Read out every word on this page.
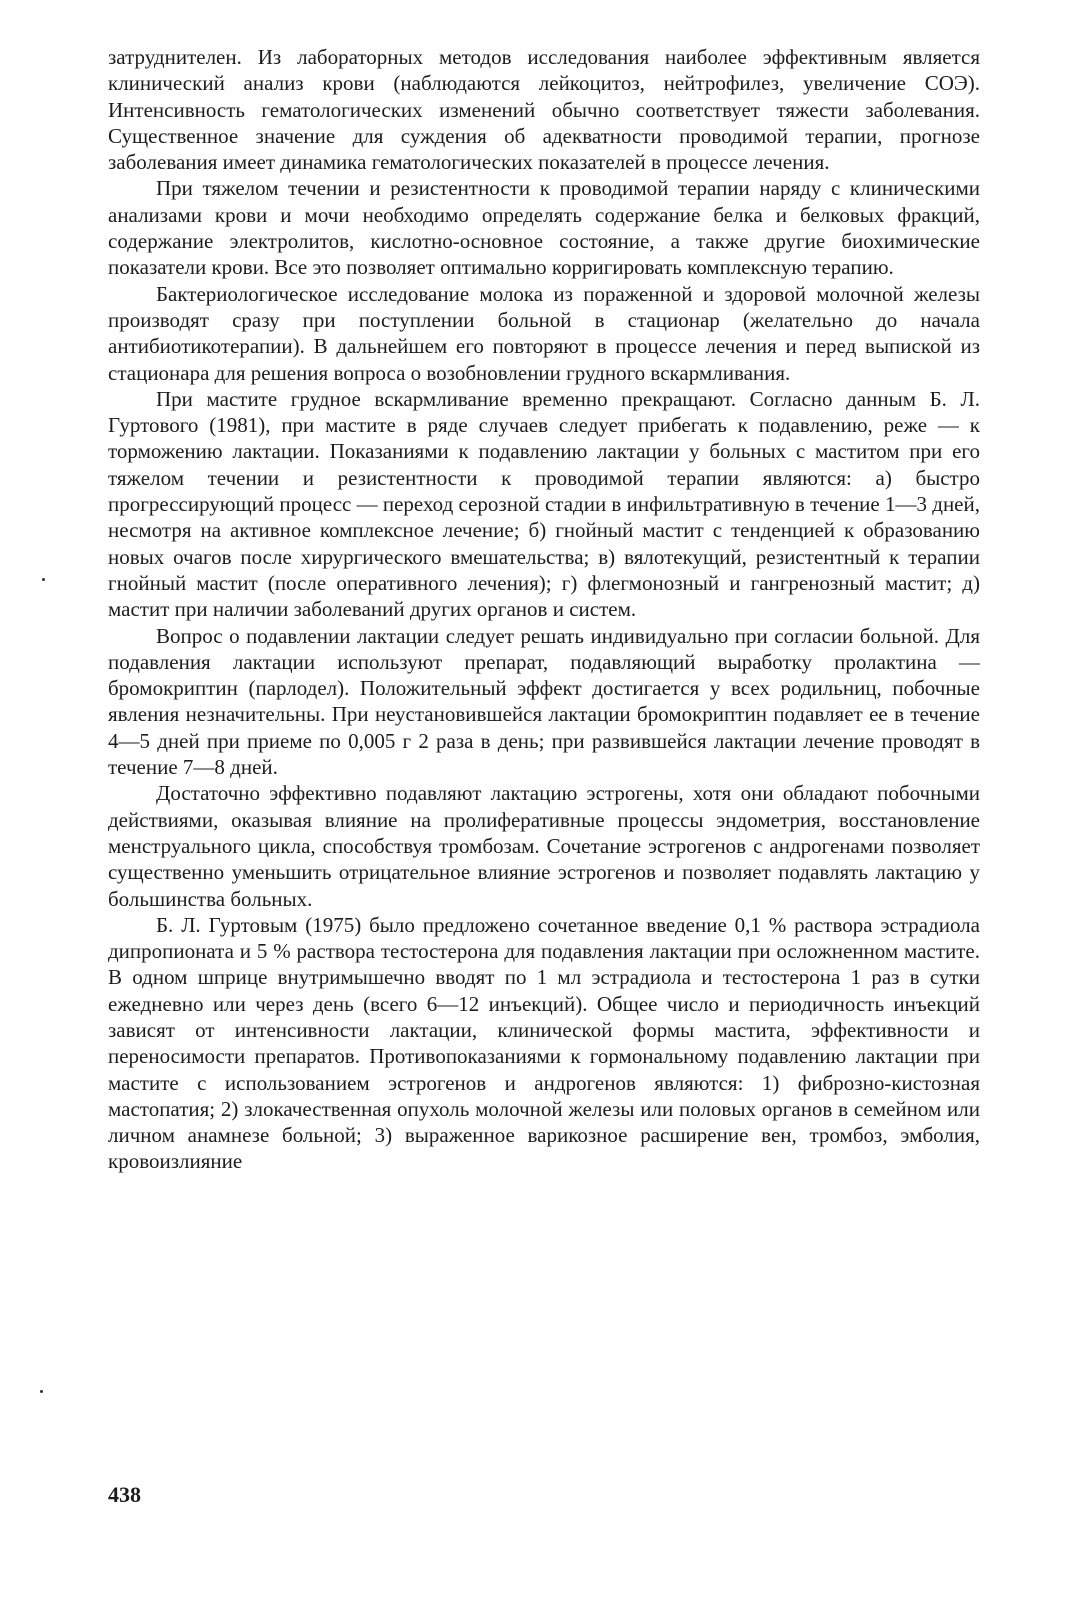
затруднителен. Из лабораторных методов исследования наиболее эффективным является клинический анализ крови (наблюдаются лейкоцитоз, нейтрофилез, увеличение СОЭ). Интенсивность гематологических изменений обычно соответствует тяжести заболевания. Существенное значение для суждения об адекватности проводимой терапии, прогнозе заболевания имеет динамика гематологических показателей в процессе лечения.

При тяжелом течении и резистентности к проводимой терапии наряду с клиническими анализами крови и мочи необходимо определять содержание белка и белковых фракций, содержание электролитов, кислотно-основное состояние, а также другие биохимические показатели крови. Все это позволяет оптимально корригировать комплексную терапию.

Бактериологическое исследование молока из пораженной и здоровой молочной железы производят сразу при поступлении больной в стационар (желательно до начала антибиотикотерапии). В дальнейшем его повторяют в процессе лечения и перед выпиской из стационара для решения вопроса о возобновлении грудного вскармливания.

При мастите грудное вскармливание временно прекращают. Согласно данным Б. Л. Гуртового (1981), при мастите в ряде случаев следует прибегать к подавлению, реже — к торможению лактации. Показаниями к подавлению лактации у больных с маститом при его тяжелом течении и резистентности к проводимой терапии являются: а) быстро прогрессирующий процесс — переход серозной стадии в инфильтративную в течение 1—3 дней, несмотря на активное комплексное лечение; б) гнойный мастит с тенденцией к образованию новых очагов после хирургического вмешательства; в) вялотекущий, резистентный к терапии гнойный мастит (после оперативного лечения); г) флегмонозный и гангренозный мастит; д) мастит при наличии заболеваний других органов и систем.

Вопрос о подавлении лактации следует решать индивидуально при согласии больной. Для подавления лактации используют препарат, подавляющий выработку пролактина — бромокриптин (парлодел). Положительный эффект достигается у всех родильниц, побочные явления незначительны. При неустановившейся лактации бромокриптин подавляет ее в течение 4—5 дней при приеме по 0,005 г 2 раза в день; при развившейся лактации лечение проводят в течение 7—8 дней.

Достаточно эффективно подавляют лактацию эстрогены, хотя они обладают побочными действиями, оказывая влияние на пролиферативные процессы эндометрия, восстановление менструального цикла, способствуя тромбозам. Сочетание эстрогенов с андрогенами позволяет существенно уменьшить отрицательное влияние эстрогенов и позволяет подавлять лактацию у большинства больных.

Б. Л. Гуртовым (1975) было предложено сочетанное введение 0,1 % раствора эстрадиола дипропионата и 5 % раствора тестостерона для подавления лактации при осложненном мастите. В одном шприце внутримышечно вводят по 1 мл эстрадиола и тестостерона 1 раз в сутки ежедневно или через день (всего 6—12 инъекций). Общее число и периодичность инъекций зависят от интенсивности лактации, клинической формы мастита, эффективности и переносимости препаратов. Противопоказаниями к гормональному подавлению лактации при мастите с использованием эстрогенов и андрогенов являются: 1) фиброзно-кистозная мастопатия; 2) злокачественная опухоль молочной железы или половых органов в семейном или личном анамнезе больной; 3) выраженное варикозное расширение вен, тромбоз, эмболия, кровоизлияние

438
